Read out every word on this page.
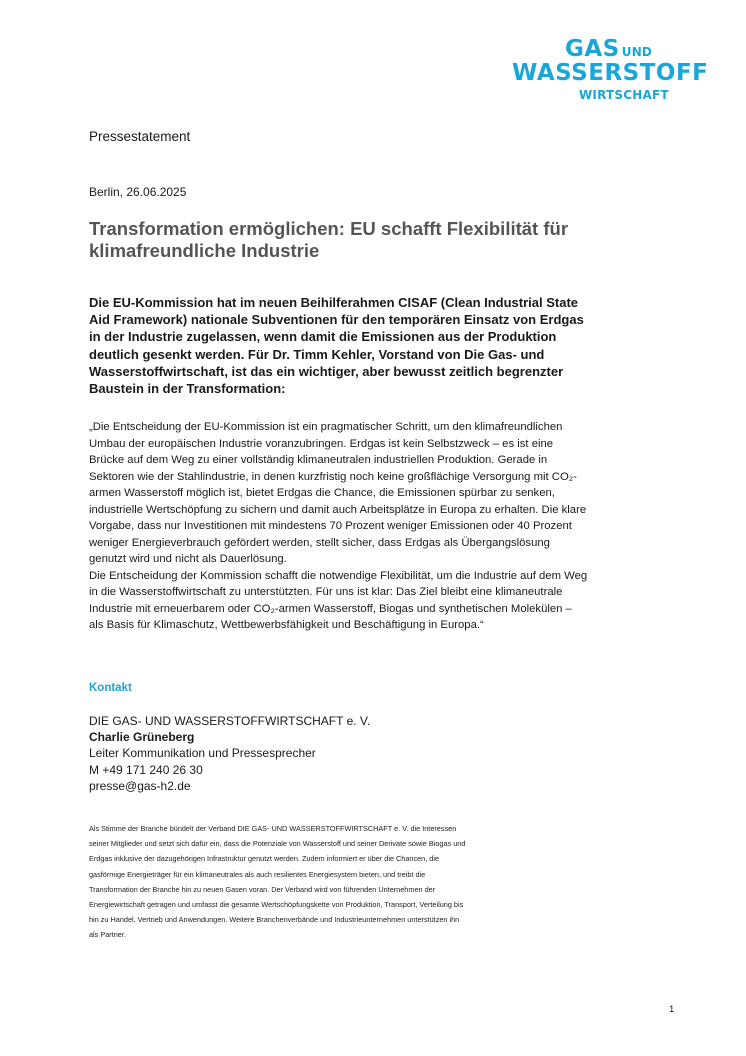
GAS UND
WASSERSTOFF
WIRTSCHAFT
Pressestatement
Berlin, 26.06.2025
Transformation ermöglichen: EU schafft Flexibilität für klimafreundliche Industrie
Die EU-Kommission hat im neuen Beihilferahmen CISAF (Clean Industrial State Aid Framework) nationale Subventionen für den temporären Einsatz von Erdgas in der Industrie zugelassen, wenn damit die Emissionen aus der Produktion deutlich gesenkt werden. Für Dr. Timm Kehler, Vorstand von Die Gas- und Wasserstoffwirtschaft, ist das ein wichtiger, aber bewusst zeitlich begrenzter Baustein in der Transformation:

„Die Entscheidung der EU-Kommission ist ein pragmatischer Schritt, um den klimafreundlichen Umbau der europäischen Industrie voranzubringen. Erdgas ist kein Selbstzweck – es ist eine Brücke auf dem Weg zu einer vollständig klimaneutralen industriellen Produktion. Gerade in Sektoren wie der Stahlindustrie, in denen kurzfristig noch keine großflächige Versorgung mit CO₂-armen Wasserstoff möglich ist, bietet Erdgas die Chance, die Emissionen spürbar zu senken, industrielle Wertschöpfung zu sichern und damit auch Arbeitsplätze in Europa zu erhalten. Die klare Vorgabe, dass nur Investitionen mit mindestens 70 Prozent weniger Emissionen oder 40 Prozent weniger Energieverbrauch gefördert werden, stellt sicher, dass Erdgas als Übergangslösung genutzt wird und nicht als Dauerlösung.

Die Entscheidung der Kommission schafft die notwendige Flexibilität, um die Industrie auf dem Weg in die Wasserstoffwirtschaft zu unterstützten. Für uns ist klar: Das Ziel bleibt eine klimaneutrale Industrie mit erneuerbarem oder CO₂-armen Wasserstoff, Biogas und synthetischen Molekülen – als Basis für Klimaschutz, Wettbewerbsfähigkeit und Beschäftigung in Europa.“

Kontakt
DIE GAS- UND WASSERSTOFFWIRTSCHAFT e. V.
Charlie Grüneberg
Leiter Kommunikation und Pressesprecher
M +49 171 240 26 30
presse@gas-h2.de
Als Stimme der Branche bündelt der Verband DIE GAS- UND WASSERSTOFFWIRTSCHAFT e. V. die Interessen seiner Mitglieder und setzt sich dafür ein, dass die Potenziale von Wasserstoff und seiner Derivate sowie Biogas und Erdgas inklusive der dazugehörigen Infrastruktur genutzt werden. Zudem informiert er über die Chancen, die gasförmige Energieträger für ein klimaneutrales als auch resilientes Energiesystem bieten, und treibt die Transformation der Branche hin zu neuen Gasen voran. Der Verband wird von führenden Unternehmen der Energiewirtschaft getragen und umfasst die gesamte Wertschöpfungskette von Produktion, Transport, Verteilung bis hin zu Handel, Vertrieb und Anwendungen. Weitere Branchenverbände und Industrieunternehmen unterstützen ihn als Partner.
1
